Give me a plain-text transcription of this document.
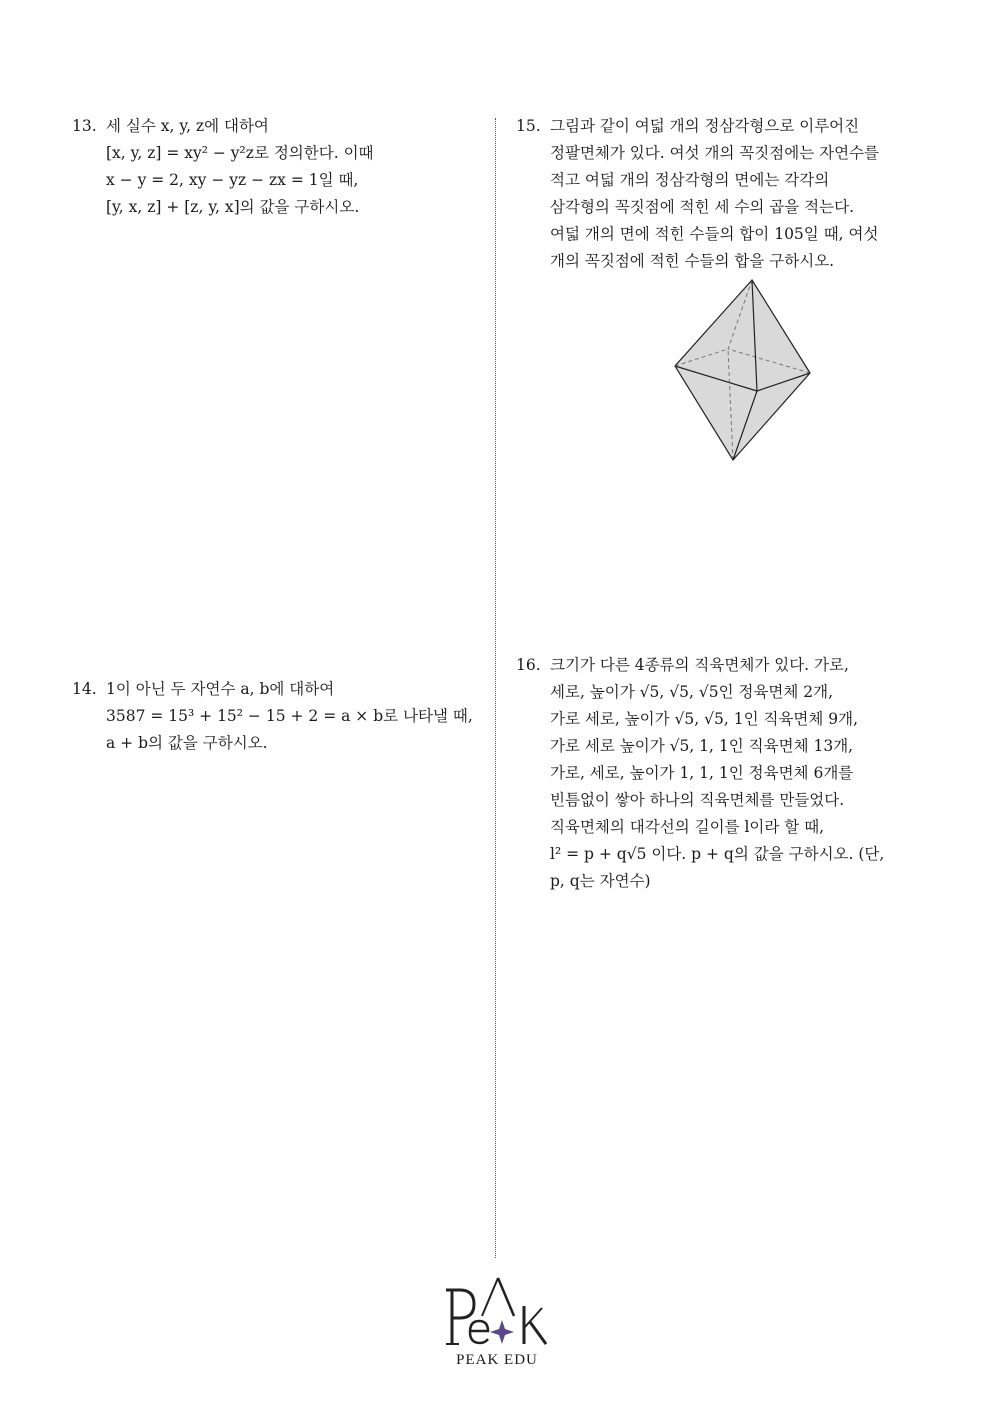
13. 세 실수 x, y, z에 대하여
[x, y, z] = xy² − y²z로 정의한다. 이때
x − y = 2, xy − yz − zx = 1일 때,
[y, x, z] + [z, y, x]의 값을 구하시오.
14. 1이 아닌 두 자연수 a, b에 대하여
3587 = 15³ + 15² − 15 + 2 = a × b로 나타낼 때,
a + b의 값을 구하시오.
15. 그림과 같이 여덟 개의 정삼각형으로 이루어진
정팔면체가 있다. 여섯 개의 꼭짓점에는 자연수를
적고 여덟 개의 정삼각형의 면에는 각각의
삼각형의 꼭짓점에 적힌 세 수의 곱을 적는다.
여덟 개의 면에 적힌 수들의 합이 105일 때, 여섯
개의 꼭짓점에 적힌 수들의 합을 구하시오.
16. 크기가 다른 4종류의 직육면체가 있다. 가로,
세로, 높이가 √5, √5, √5인 정육면체 2개,
가로 세로, 높이가 √5, √5, 1인 직육면체 9개,
가로 세로 높이가 √5, 1, 1인 직육면체 13개,
가로, 세로, 높이가 1, 1, 1인 정육면체 6개를
빈틈없이 쌓아 하나의 직육면체를 만들었다.
직육면체의 대각선의 길이를 l이라 할 때,
l² = p + q√5 이다. p + q의 값을 구하시오. (단,
p, q는 자연수)
PEAK EDU
